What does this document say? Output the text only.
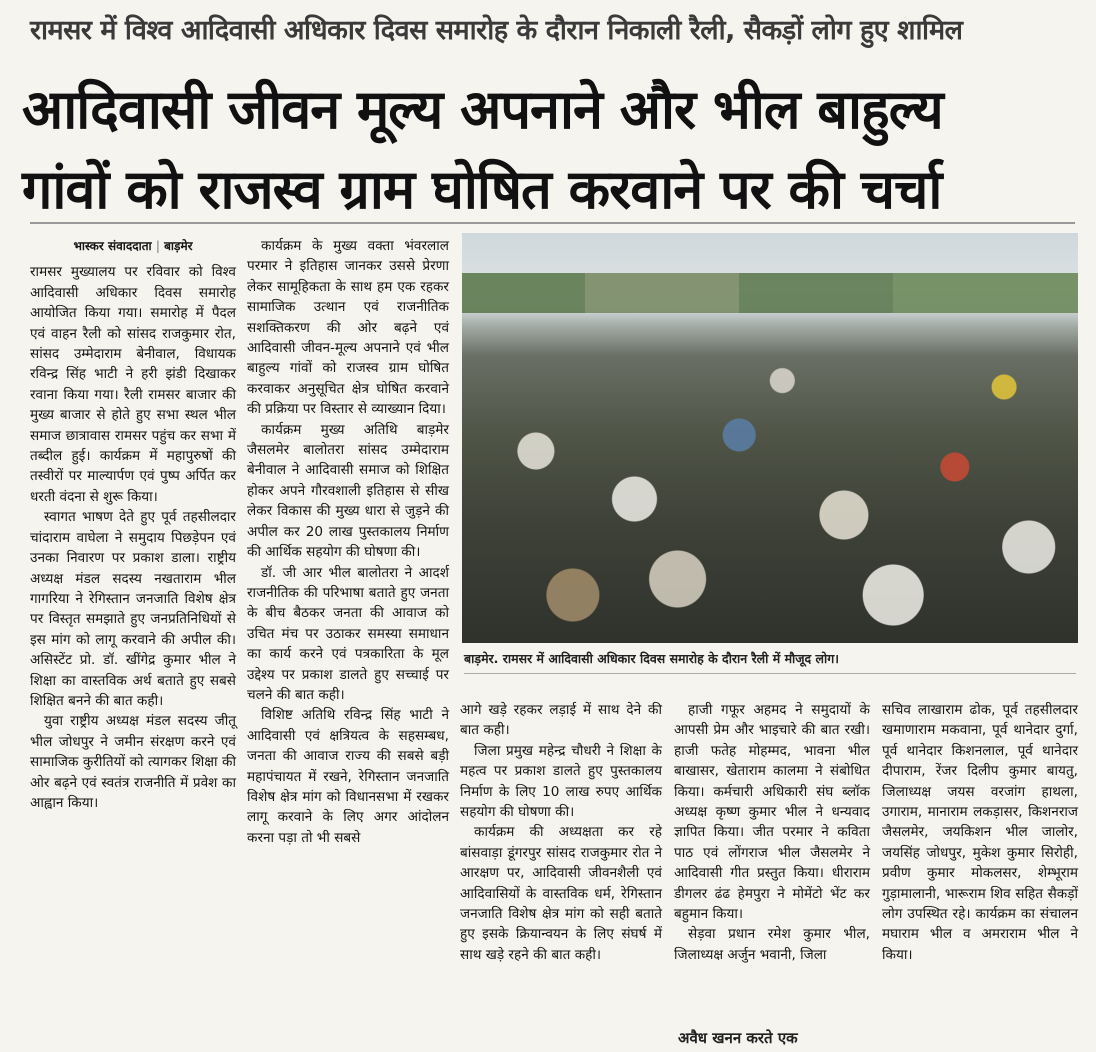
रामसर में विश्व आदिवासी अधिकार दिवस समारोह के दौरान निकाली रैली, सैकड़ों लोग हुए शामिल
आदिवासी जीवन मूल्य अपनाने और भील बाहुल्य
गांवों को राजस्व ग्राम घोषित करवाने पर की चर्चा
भास्कर संवाददाता | बाड़मेर

रामसर मुख्यालय पर रविवार को विश्व आदिवासी अधिकार दिवस समारोह आयोजित किया गया। समारोह में पैदल एवं वाहन रैली को सांसद राजकुमार रोत, सांसद उम्मेदाराम बेनीवाल, विधायक रविन्द्र सिंह भाटी ने हरी झंडी दिखाकर रवाना किया गया। रैली रामसर बाजार की मुख्य बाजार से होते हुए सभा स्थल भील समाज छात्रावास रामसर पहुंच कर सभा में तब्दील हुई। कार्यक्रम में महापुरुषों की तस्वीरों पर माल्यार्पण एवं पुष्प अर्पित कर धरती वंदना से शुरू किया।

स्वागत भाषण देते हुए पूर्व तहसीलदार चांदाराम वाघेला ने समुदाय पिछड़ेपन एवं उनका निवारण पर प्रकाश डाला। राष्ट्रीय अध्यक्ष मंडल सदस्य नखताराम भील गागरिया ने रेगिस्तान जनजाति विशेष क्षेत्र पर विस्तृत समझाते हुए जनप्रतिनिधियों से इस मांग को लागू करवाने की अपील की।असिस्टेंट प्रो. डॉ. खींगेद्र कुमार भील ने शिक्षा का वास्तविक अर्थ बताते हुए सबसे शिक्षित बनने की बात कही।

युवा राष्ट्रीय अध्यक्ष मंडल सदस्य जीतू भील जोधपुर ने जमीन संरक्षण करने एवं सामाजिक कुरीतियों को त्यागकर शिक्षा की ओर बढ़ने एवं स्वतंत्र राजनीति में प्रवेश का आह्वान किया।

कार्यक्रम के मुख्य वक्ता भंवरलाल परमार ने इतिहास जानकर उससे प्रेरणा लेकर सामूहिकता के साथ हम एक रहकर सामाजिक उत्थान एवं राजनीतिक सशक्तिकरण की ओर बढ़ने एवं आदिवासी जीवन-मूल्य अपनाने एवं भील बाहुल्य गांवों को राजस्व ग्राम घोषित करवाकर अनुसूचित क्षेत्र घोषित करवाने की प्रक्रिया पर विस्तार से व्याख्यान दिया।

कार्यक्रम मुख्य अतिथि बाड़मेर जैसलमेर बालोतरा सांसद उम्मेदाराम बेनीवाल ने आदिवासी समाज को शिक्षित होकर अपने गौरवशाली इतिहास से सीख लेकर विकास की मुख्य धारा से जुड़ने की अपील कर 20 लाख पुस्तकालय निर्माण की आर्थिक सहयोग की घोषणा की।

डॉ. जी आर भील बालोतरा ने आदर्श राजनीतिक की परिभाषा बताते हुए जनता के बीच बैठकर जनता की आवाज को उचित मंच पर उठाकर समस्या समाधान का कार्य करने एवं पत्रकारिता के मूल उद्देश्य पर प्रकाश डालते हुए सच्चाई पर चलने की बात कही।

विशिष्ट अतिथि रविन्द्र सिंह भाटी ने आदिवासी एवं क्षत्रियत्व के सहसम्बध, जनता की आवाज राज्य की सबसे बड़ी महापंचायत में रखने, रेगिस्तान जनजाति विशेष क्षेत्र मांग को विधानसभा में रखकर लागू करवाने के लिए अगर आंदोलन करना पड़ा तो भी सबसे

बाड़मेर. रामसर में आदिवासी अधिकार दिवस समारोह के दौरान रैली में मौजूद लोग।

आगे खड़े रहकर लड़ाई में साथ देने की बात कही।

जिला प्रमुख महेन्द्र चौधरी ने शिक्षा के महत्व पर प्रकाश डालते हुए पुस्तकालय निर्माण के लिए 10 लाख रुपए आर्थिक सहयोग की घोषणा की।

कार्यक्रम की अध्यक्षता कर रहे बांसवाड़ा डूंगरपुर सांसद राजकुमार रोत ने आरक्षण पर, आदिवासी जीवनशैली एवं आदिवासियों के वास्तविक धर्म, रेगिस्तान जनजाति विशेष क्षेत्र मांग को सही बताते हुए इसके क्रियान्वयन के लिए संघर्ष में साथ खड़े रहने की बात कही।

हाजी गफूर अहमद ने समुदायों के आपसी प्रेम और भाइचारे की बात रखी। हाजी फतेह मोहम्मद, भावना भील बाखासर, खेताराम कालमा ने संबोधित किया। कर्मचारी अधिकारी संघ ब्लॉक अध्यक्ष कृष्ण कुमार भील ने धन्यवाद ज्ञापित किया। जीत परमार ने कविता पाठ एवं लोंगराज भील जैसलमेर ने आदिवासी गीत प्रस्तुत किया। धीराराम डीगलर ढंढ हेमपुरा ने मोमेंटो भेंट कर बहुमान किया।

सेड़वा प्रधान रमेश कुमार भील, जिलाध्यक्ष अर्जुन भवानी, जिला

सचिव लाखाराम ढोक, पूर्व तहसीलदार खमाणाराम मकवाना, पूर्व थानेदार दुर्गा, पूर्व थानेदार किशनलाल, पूर्व थानेदार दीपाराम, रेंजर दिलीप कुमार बायतु, जिलाध्यक्ष जयस वरजांग हाथला, उगाराम, मानाराम लकड़ासर, किशनराज जैसलमेर, जयकिशन भील जालोर, जयसिंह जोधपुर, मुकेश कुमार सिरोही, प्रवीण कुमार मोकलसर, शेम्भूराम गुड़ामालानी, भारूराम शिव सहित सैकड़ों लोग उपस्थित रहे। कार्यक्रम का संचालन मघाराम भील व अमराराम भील ने किया।

अवैध खनन करते एक
